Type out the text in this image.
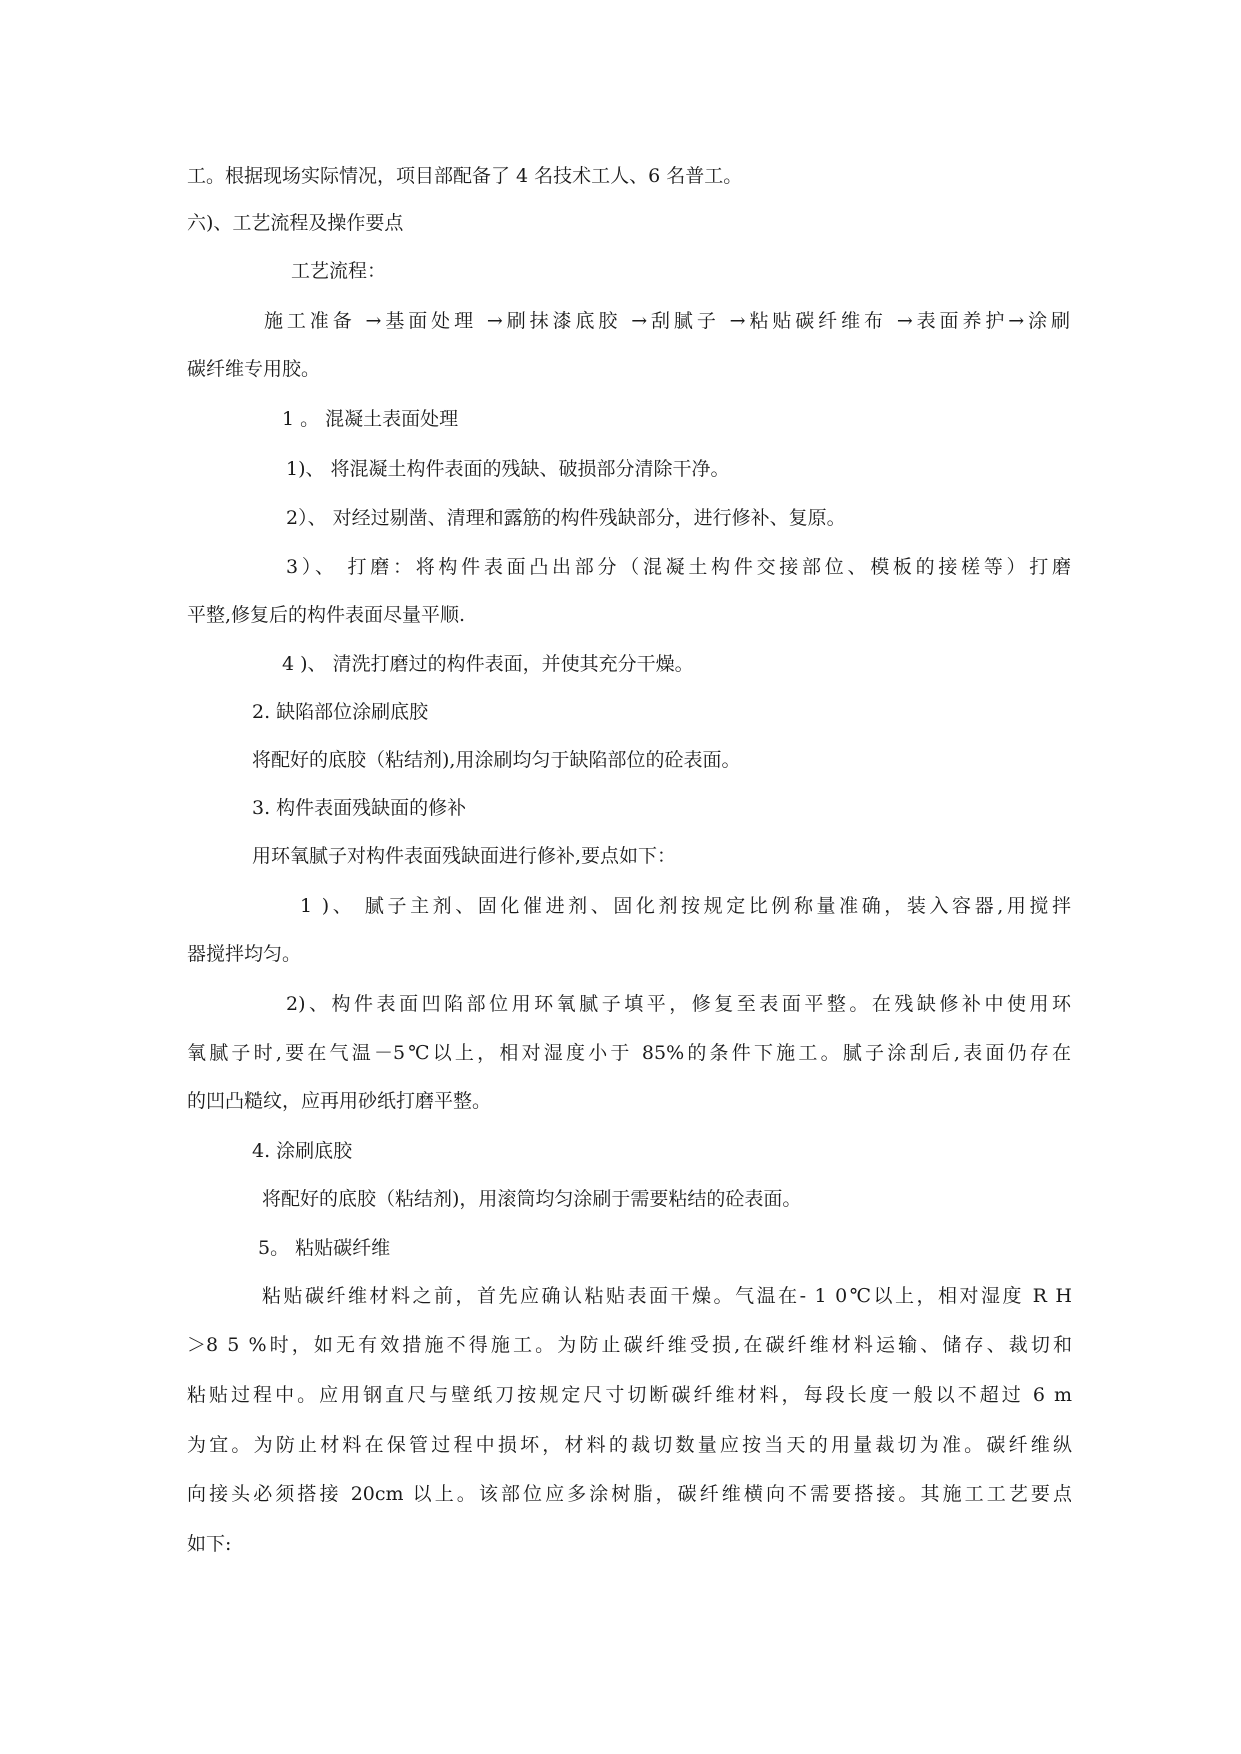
工。根据现场实际情况，项目部配备了 4 名技术工人、6 名普工。
六)、工艺流程及操作要点
工艺流程：
施工准备 →基面处理 →刷抹漆底胶 →刮腻子 →粘贴碳纤维布 →表面养护→涂刷
碳纤维专用胶。
1 。 混凝土表面处理
1)、 将混凝土构件表面的残缺、破损部分清除干净。
2）、 对经过剔凿、清理和露筋的构件残缺部分，进行修补、复原。
3）、 打磨：将构件表面凸出部分（混凝土构件交接部位、模板的接槎等）打磨
平整,修复后的构件表面尽量平顺.
4 )、 清洗打磨过的构件表面，并使其充分干燥。
2. 缺陷部位涂刷底胶
将配好的底胶（粘结剂),用涂刷均匀于缺陷部位的砼表面。
3. 构件表面残缺面的修补
用环氧腻子对构件表面残缺面进行修补,要点如下：
1 )、 腻子主剂、固化催进剂、固化剂按规定比例称量准确，装入容器,用搅拌
器搅拌均匀。
2)、构件表面凹陷部位用环氧腻子填平，修复至表面平整。在残缺修补中使用环
氧腻子时,要在气温－5℃以上，相对湿度小于 85%的条件下施工。腻子涂刮后,表面仍存在
的凹凸糙纹，应再用砂纸打磨平整。
4. 涂刷底胶
将配好的底胶（粘结剂)，用滚筒均匀涂刷于需要粘结的砼表面。
5。 粘贴碳纤维
粘贴碳纤维材料之前，首先应确认粘贴表面干燥。气温在- 1 0℃以上，相对湿度 R H
＞8 5 %时，如无有效措施不得施工。为防止碳纤维受损,在碳纤维材料运输、储存、裁切和
粘贴过程中。应用钢直尺与壁纸刀按规定尺寸切断碳纤维材料，每段长度一般以不超过 6 m
为宜。为防止材料在保管过程中损坏，材料的裁切数量应按当天的用量裁切为准。碳纤维纵
向接头必须搭接 20cm 以上。该部位应多涂树脂，碳纤维横向不需要搭接。其施工工艺要点
如下:
